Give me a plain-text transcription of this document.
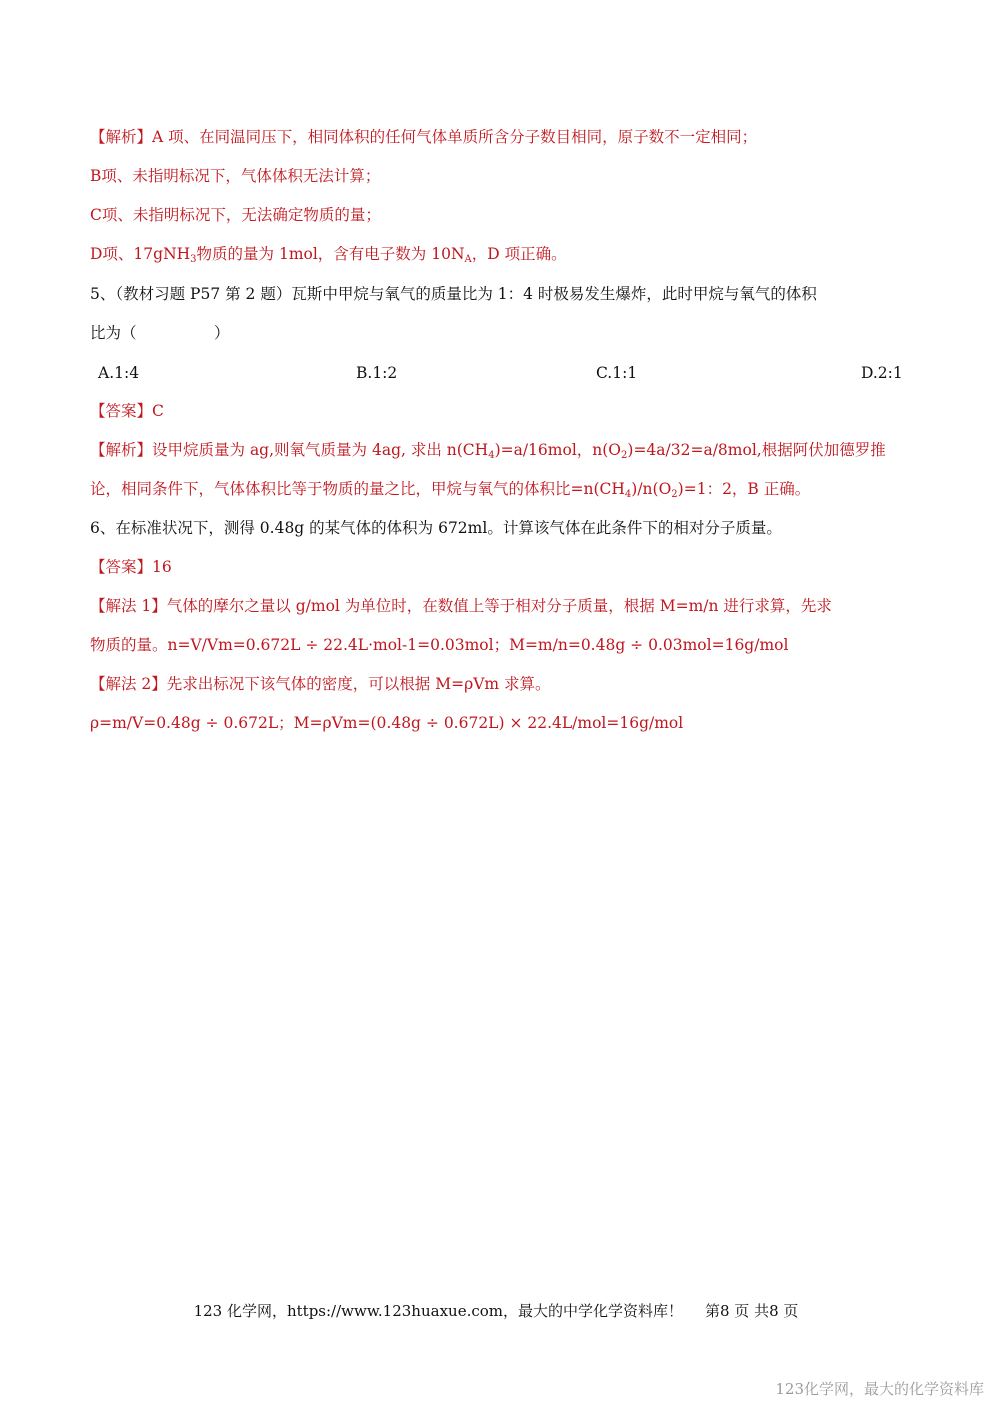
【解析】A 项、在同温同压下，相同体积的任何气体单质所含分子数目相同，原子数不一定相同；
B项、未指明标况下，气体体积无法计算；
C项、未指明标况下，无法确定物质的量；
D项、17gNH$_3$物质的量为 1mol，含有电子数为 $10N_A$，D 项正确。
5、（教材习题 P57 第 2 题）瓦斯中甲烷与氧气的质量比为 1：4 时极易发生爆炸，此时甲烷与氧气的体积
比为（　　　　　）
A.1:4	B.1:2	C.1:1	D.2:1
【答案】C
【解析】设甲烷质量为 ag,则氧气质量为 4ag, 求出 $n(CH_4)=a/16mol$，$n(O_2)=4a/32=a/8mol$,根据阿伏加德罗推
论，相同条件下，气体体积比等于物质的量之比，甲烷与氧气的体积比$=n(CH_4)/n(O_2)=1$：2，B 正确。
6、在标准状况下，测得 0.48g 的某气体的体积为 672ml。计算该气体在此条件下的相对分子质量。
【答案】16
【解法 1】气体的摩尔之量以 g/mol 为单位时，在数值上等于相对分子质量，根据 M=m/n 进行求算，先求
物质的量。n=V/Vm=0.672L ÷ 22.4L·mol-1=0.03mol；M=m/n=0.48g ÷ 0.03mol=16g/mol
【解法 2】先求出标况下该气体的密度，可以根据 M=ρVm 求算。
ρ=m/V=0.48g ÷ 0.672L；M=ρVm=(0.48g ÷ 0.672L) × 22.4L/mol=16g/mol
123 化学网，https://www.123huaxue.com，最大的中学化学资料库！ 第8 页 共8 页
123化学网，最大的化学资料库
